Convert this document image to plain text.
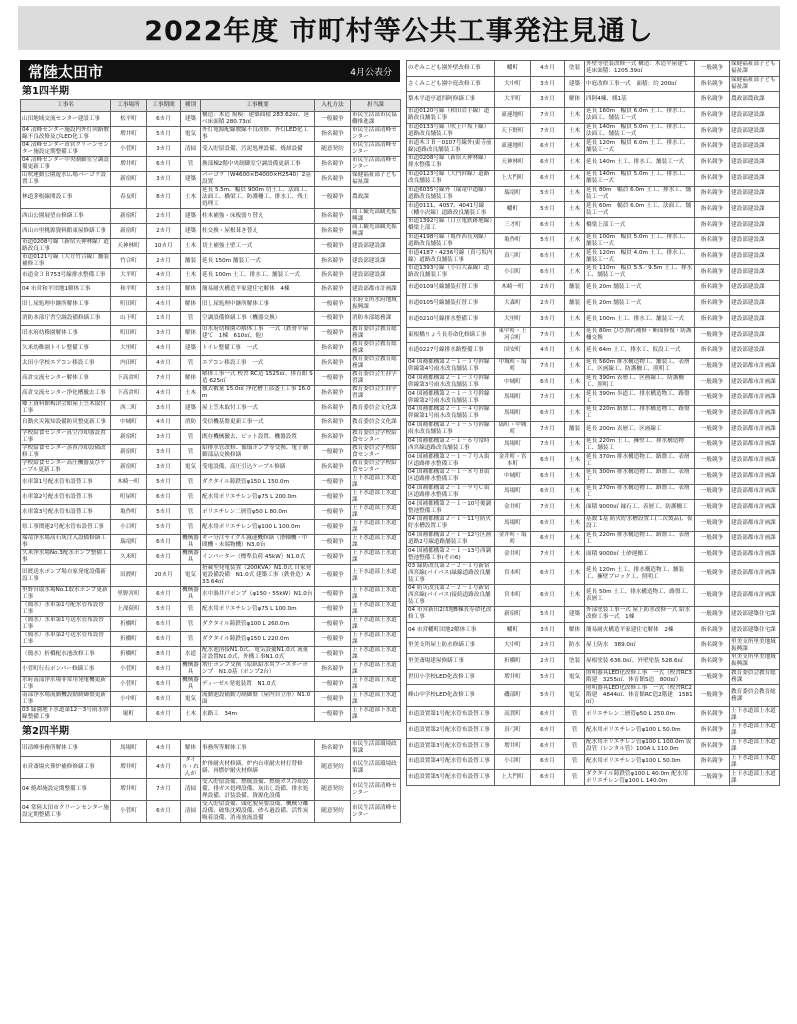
2022年度 市町村等公共工事発注見通し
常陸太田市	4月公表分
第1四半期
工事名	工事場所	工事期間	種別	工事概要	入札方法	担当課
山田地域交流センター建設工事	松平町	6カ月	建築	構造：木造 規模：建築面積 283.62㎡、延べ床面積 280.73㎡	一般競争	市民生活部市民協働推進課
04 清峰センター施設内外灯回路敷線不良改修及びLED化工事	増井町	5カ月	電気	外灯電源配線敷線不良改修、外灯LED化工事	指名競争	市民生活部清峰センター
04 清峰センター市営クリーンセンター施設定期整備工事	小菅町	3カ月	清掃	受入貯留設備、汚泥処理設備、焼却設備	随意契約	市民生活部清峰センター
04 清峰センター中央制御室空調設備更新工事	増井町	6カ月	管	換部棟2階中央制御室空調設備更新工事	指名競争	市民生活部清峰センター
山吹運動公園遊水広場バーゴラ設置工事	新宿町	3カ月	建築	パーゴラ（W4600×D4000×H2540）2基設置	指名競争	保健福祉部子ども福祉課
林道茅根線開設工事	春友町	8カ月	土木	延長 5.5m、幅員 900m 切土工、法面工、法面工、橋梁工、防護柵工、排水工、残土処理工	一般競争	農政課
西山公園展望台修繕工事	新宿町	2カ月	建築	柱木補強・床板張り替え	指名競争	商工観光部観光振興課
西山の里桃源資料館東屋修繕工事	新宿町	2カ月	建築	柱交換・屋根葺き替え	指名競争	商工観光部観光振興課
市道0208号線（新宿天神林線）道路改良工事	天神林町	10カ月	土木	切土補強土壁工一式	一般競争	建設部建設課
市道0121号線（大方竹合線）舗装補修工事	竹合町	2カ月	舗装	延長 150m 舗装工一式	指名競争	建設部建設課
市道金３Ｂ753号線排水整備工事	大平町	4カ月	土木	延長 100m 土工、排水工、舗装工一式	指名競争	建設部建設課
04 市営和平団地1解体工事	和平町	3カ月	解体	簡易耐火構造平家建住宅解体　4棟	指名競争	建設部都市計画課
旧し尿処理中継所解体工事	町田町	4カ月	解体	旧し尿処理中継所解体工事	一般競争	水府支所水府地域振興課
消防本部庁舎空調設備修繕工事	山下町	1カ月	管	空調設備修繕工事（機器交換）	一般競争	消防本部総務課
旧水府幼稚園解体工事	町田町	3カ月	解体	旧水府幼稚園の解体工事　一式（鉄骨平屋建て　1棟　610㎡、他）	一般競争	教育委員会教育総務課
久米幼稚園トイレ整備工事	大里町	4カ月	建築	トイレ整備工事　一式	指名競争	教育委員会教育総務課
太田小学校エアコン移設工事	内田町	4カ月	管	エアコン移設工事　一式	指名競争	教育委員会教育総務課
高倉交流センター解体工事	下高倉町	7カ月	解体	解体工事一式 校舎 RC造 1525㎡、体育館 S造 625㎡	一般競争	教育委員会生涯学習課
高倉交流センター浄化槽撤去工事	下高倉町	4カ月	土木	撤去數量 15.0㎥ 浄化槽上部盛土工事 16.0m	指名競争	教育委員会生涯学習課
郷土資料館梅津会館屋上笠木取付工事	西二町	3カ月	建築	屋上笠木取付工事一式	指名競争	教育委員会文化課
自動火災報知設備防災整更新工事	中城町	4カ月	消防	受信機基盤更新工事一式	指名競争	教育委員会文化課
学校給食センター真空冷却器設置工事	新宿町	3カ月	管	既存機械撤去、ビット設置、機器設置	指名競争	教育委員会学校給食センター
学校給食センター蒸煮冷却設備改修工事	新宿町	3カ月	管	給排水管改修、循環ポンプ等交換、電子制御部品交換修繕	一般競争	教育委員会学校給食センター
学校給食センター高圧機器及びケーブル更新工事	新宿町	3カ月	電気	受電設備、高圧引込ケーブル修繕	指名競争	教育委員会学校給食センター
水車第1号配水管布設替工事	木崎一町	5カ月	管	ダクタイル鋳鉄管φ150 L 150.0m	一般競争	上下水道部上水道課
水車第2号配水管布設替工事	町屋町	6カ月	管	配水用ポリエチレン管φ75 L 200.0m	一般競争	上下水道部上水道課
水車第3号配水管布設替工事	亀作町	5カ月	管	ポリエチレン二層管φ50 L 80.0m	一般競争	上下水道部上水道課
県工事関連2号配水管布設替工事	小目町	5カ月	管	配水用ポリエチレン管φ100 L 100.0m	一般競争	上下水道部上水道課
瑞竜浄水場高石灰注入設備修繕工事	瑞竜町	6カ月	機械器具	ギー分注サイクル減速機修繕（滑軸機・中間機・末端物機）N3.0台	一般競争	上下水道部上水道課
久米浄水場No.3配水ポンプ整備工事	久米町	6カ月	機械器具	インバーター（標準負荷 45kW）N1.0式	一般競争	上下水道部上水道課
田渡送水ポンプ場自家発電設備新設工事	田渡町	20カ月	電気	搭載型発電装置（200KVA）N1.0式 自家発電設備設備　N1.0式 建築工事（鉄骨造）A 33.64㎡	一般競争	上下水道部上水道課
里野宮取水場No.1取水ポンプ更新工事	里野宮町	6カ月	機械器具	水中渦井戸ポンプ（φ150・55kW）N1.0台	一般競争	上下水道部上水道課
（簡水）水車第1号配水管布設替工事	上深荻町	5カ月	管	配水用ポリエチレン管φ75 L 100.0m	一般競争	上下水道部上水道課
（簡水）水車第1号送水管布設替工事	折橋町	6カ月	管	ダクタイル鋳鉄管φ100 L 260.0m	一般競争	上下水道部上水道課
（簡水）水車第2号送水管布設替工事	折橋町	6カ月	管	ダクタイル鋳鉄管φ150 L 220.0m	一般競争	上下水道部上水道課
（簡水）折橋配水池改修工事	折橋町	8カ月	水道	配水池溶接N1.0式、電気設備N1.0式 流量計設置N1.0式、外構工事N1.0式	一般競争	上下水道部上水道課
小菅町行石ポンパー修繕工事	小菅町	6カ月	機械器具	増圧ポンプ交換（原紙給水用ブースターポンプ　N1.0基（ポンプ2台）	指名競争	上下水道部上水道課
水府南部浄水場非常用発電機更新工事	小菅町	6カ月	機械器具	ディーゼル発電装置　N1.0式	一般競争	上下水道部上水道課
南部浄水場流動機設動制御盤更新工事	小中町	6カ月	電気	流動池設備動力制御盤（屋内自立形）N1.0面	一般競争	上下水道部上水道課
03 緑園地下水道第12－3号雨水幹線整備工事	堀町	6カ月	土木	水路工　34m	一般競争	上下水道部下水道課
第2四半期
旧清峰事務所解体工事	馬場町	4カ月	解体	事務所等解体工事	指名競争	市民生活部環境政策課
市営斎場火葬炉補修修繕工事	増井町	4カ月	タイル・れんが	炉体耐火材修繕、炉内台車耐火材打替修繕、再燃炉耐火材修繕	随意契約	市民生活部環境政策課
04 焼却施設定期整備工事	増井町	7カ月	清掃	受入貯留設備、燃焼設備、燃焼ガス冷却設備、排ガス処理設備、灰出し設備、排水処理設備、計装設備、資源化設備	随意契約	市民生活部清峰センター
04 常陸太田市クリーンセンター施設定期整備工事	小菅町	6カ月	清掃	受入貯留設備、頭化脱臭要設備、機械分離設備、破集沈殿設備、砂ろ過設備、活性炭吸着設備、消毒放流設備	随意契約	市民生活部清峰センター
のぞみこども園外壁改修工事	幡町	4カ月	塗装	外壁等塗装改修一式 構造：木造平屋建て 延床面積：1205.39㎡	一般競争	保健福祉部子ども福祉課
さくみこども園中庭改修工事	大中町	3カ月	建築	中庭改修工事一式　面積：約 200㎡	指名競争	保健福祉部子ども福祉課
梨木平道亭道四阿修繕工事	大平町	3カ月	解体	四阿4棟、桟1基	指名競争	農政部農政課
市道0120号線（和田岩手線）道路改良舗装工事	東連地町	7カ月	土木	延長 160m　幅員 6.0m 土工、排水工、法面工、舗装工一式	指名競争	建設部建設課
市道0133号線（吹上戸坂下線）道路改良舗装工事	天下野町	7カ月	土木	延長 140m　幅員 5.0m 土工、排水工、法面工、舗装工一式	指名競争	建設部建設課
市道木３Ｂ－0107号線外(東寺前線)道路改良舗装工事	東連地町	6カ月	土木	延長 120m　幅員 6.0m 土工、排水工、舗装工一式	指名競争	建設部建設課
市道0208号線（新宿天神林線）排水整備工事	天神林町	6カ月	土木	延長 140m 土工、排水工、舗装工一式	指名競争	建設部建設課
市道0123号線（大門幹線）道路改良舗装工事	上大門町	6カ月	土木	延長 140m　幅員 5.0m 土工、排水工、舗装工一式	指名競争	建設部建設課
市道6035号線外（瑞竜中道線）道路改良舗装工事	瑞竜町	5カ月	土木	延長 80m　幅員 6.0m 土工、排水工、舗装工一式	指名競争	建設部建設課
市道0111、4057、4041号線（幡小沢線）道路改良舗装工事	幡町	5カ月	土木	延長 60m　幅員 6.0m 土工、法面工、舗装工一式	指名競争	建設部建設課
市道1392号線（日立電鉄跡地線）橋梁上部工	三才町	6カ月	土木	橋梁上部工一式	指名競争	建設部建設課
市道4198号線（亀作西長刈線）道路改良舗装工事	亀作町	5カ月	土木	延長 100m　幅員 5.0m 土工、排水工、舗装工一式	指名競争	建設部建設課
市道4187・4236号線（真弓坂内線）道路改良舗装工事	真弓町	6カ月	土木	延長 120m　幅員 4.0m 土工、排水工、舗装工一式	指名競争	建設部建設課
市道1393号線（小目大森線）道路改良舗装工事	小目町	6カ月	土木	延長 110m　幅員 5.5／9.5m 土工、排水工、舗装工一式	指名競争	建設部建設課
市道0109号線舗装打替工事	木崎一町	2カ月	舗装	延長 20m 舗装工一式	指名競争	建設部建設課
市道0105号線舗装打替工事	大森町	2カ月	舗装	延長 20m 舗装工一式	指名競争	建設部建設課
市道0210号線排水整備工事	大里町	3カ月	土木	延長 100m 土工、排水工、舗装工一式	指名競争	建設部建設課
東根橋りょう長寿命化修繕工事	東中町・上河合町	7カ月	土木	延長 80m ひび割れ補修・断面修復・防護柵交換	一般競争	建設部建設課
市道0227号線排水路整備工事	国安町	4カ月	土木	延長 64m 土工、排水工、仮設工一式	指名競争	建設部建設課
04 国補都構第２－１－１号幹線幹線第4号雨水改良舗装工事	中城町・塙町	7カ月	土木	延長 560m 排水構造物工、舗装工、表層工、区画線工、防護柵工、照明工	一般競争	建設部都市計画課
04 国補都構第２－１－３号幹線幹線第3号雨水改良舗装工事	中城町	6カ月	土木	延長 390m 表層工、区画線工、防護柵工、照明工	一般競争	建設部都市計画課
04 国補都構第２－１－３号幹線幹線第2号雨水改良舗装工事	馬場町	7カ月	土木	延長 390m 歩道工、排水構造物工、路盤工	一般競争	建設部都市計画課
04 国補都構第２－１－４号幹線幹線第1号雨水改良舗装工事	馬場町	6カ月	土木	延長 220m 路盤工、排水構造物工、路盤工	一般競争	建設部都市計画課
04 国補都構第２－１－５号幹線雨水改良舗装工事	塙町・中城町	7カ月	舗装	延長 200m 表層工、区画線工	一般競争	建設部都市計画課
04 国補都構第２－１－６号常時西宮線道路改良舗装工事	馬場町	7カ月	土木	延長 220m 土工、擁壁工、排水構造物工、舗装工	一般競争	建設部都市計画課
04 国補都構第２－１－７号Ａ街区道路排水整備工事	金井町・宮本町	6カ月	土木	延長 370m 排水構造物工、路盤工、表層工	一般競争	建設部都市計画課
04 国補都構第２－１－８号Ｂ街区道路排水整備工事	中城町	6カ月	土木	延長 300m 排水構造物工、路盤工、表層工	一般競争	建設部都市計画課
04 国補都構第２－１－９号Ｃ街区道路排水整備工事	馬場町	6カ月	土木	延長 270m 排水構造物工、路盤工、表層工	一般競争	建設部都市計画課
04 国補都構第２－１－10号後調整池整備工事	金井町	7カ月	土木	面積 9000㎡ 縁石工、表層工、防護柵工	一般競争	建設部都市計画課
04 国補都構第２－１－11号防火貯水槽設置工事	馬場町	6カ月	土木	基数 1基 防火貯水槽設置工(二次製品)、仮設工	一般競争	建設部都市計画課
04 国補都構第２－１－12号区画道路2号線道路舗装工事	金井町・塙町	6カ月	土木	延長 220m 排水構造物工、路盤工、表層工	一般競争	建設部都市計画課
04 国補都構第２－１－13号西調整池整備工事(その6)	金井町	7カ月	土木	面積 9000㎡ 土砂運搬工	一般競争	建設部都市計画課
03 緑防改良第２－２－１号新宿西宮線(パイパス)緑線道路改良舗装工事	宮本町	6カ月	土木	延長 120m 土工、排水構造物工、舗装工、擁壁ブロック工、照明工	一般競争	建設部都市計画課
04 防災改良第２－２－１号新宿西宮線(パイパス)接続道路改良舗装工事	宮本町	6カ月	土木	延長 50m 土工、排水構造物工、路盤工、表層工	一般競争	建設部都市計画課
04 市営新田2団地B棟長寿命化改修工事	新宿町	5カ月	建築	外部塗装工事一式 屋上防水改修一式 給水改修工事一式　1棟	一般競争	建設部建築住宅課
04 市営幡町団地2解体工事	幡町	3カ月	解体	簡易耐火構造平家建住宅解体　2棟	指名競争	建設部建築住宅課
里美支所屋上防水修繕工事	大中町	2カ月	防水	屋上防水　389.0㎡	指名競争	里美支所里美地域振興課
里美斎場建屋修繕工事	折橋町	2カ月	塗装	屋根塗装 636.0㎡、外壁塗装 528.6㎡	指名競争	里美支所里美地域振興課
世田小学校LED化改修工事	増井町	5カ月	電気	照明器具LED化改修工事　一式（校舎RC3階建　3255㎡、体育館S造　800㎡）	一般競争	教育委員会教育総務課
峰山中学校LED化改修工事	磯部町	5カ月	電気	照明器具LED化改修工事　一式（校舎RC2階建　4844㎡、体育館RC造2階建　1581㎡）	一般競争	教育委員会教育総務課
市道設置第1号配水管布設替工事	高貫町	6カ月	管	ポリエチレン二層管φ50 L 250.0m	指名競争	上下水道部上水道課
市道設置第2号配水管布設替工事	真弓町	6カ月	管	配水用ポリエチレン管φ100 L 50.0m	指名競争	上下水道部上水道課
市道設置第3号配水管布設替工事	増井町	6カ月	管	配水用ポリエチレン管φ100 L 100.0m 仮設管（レンタル管）100A L 110.0m	指名競争	上下水道部上水道課
市道設置第4号配水管布設替工事	小目町	6カ月	管	配水用ポリエチレン管φ100 L 50.0m	指名競争	上下水道部上水道課
市道設置第5号配水管布設替工事	上大門町	6カ月	管	ダクタイル鋳鉄管φ100 L 40.0m 配水用ポリエチレン管φ100 L 140.0m	一般競争	上下水道部上水道課
